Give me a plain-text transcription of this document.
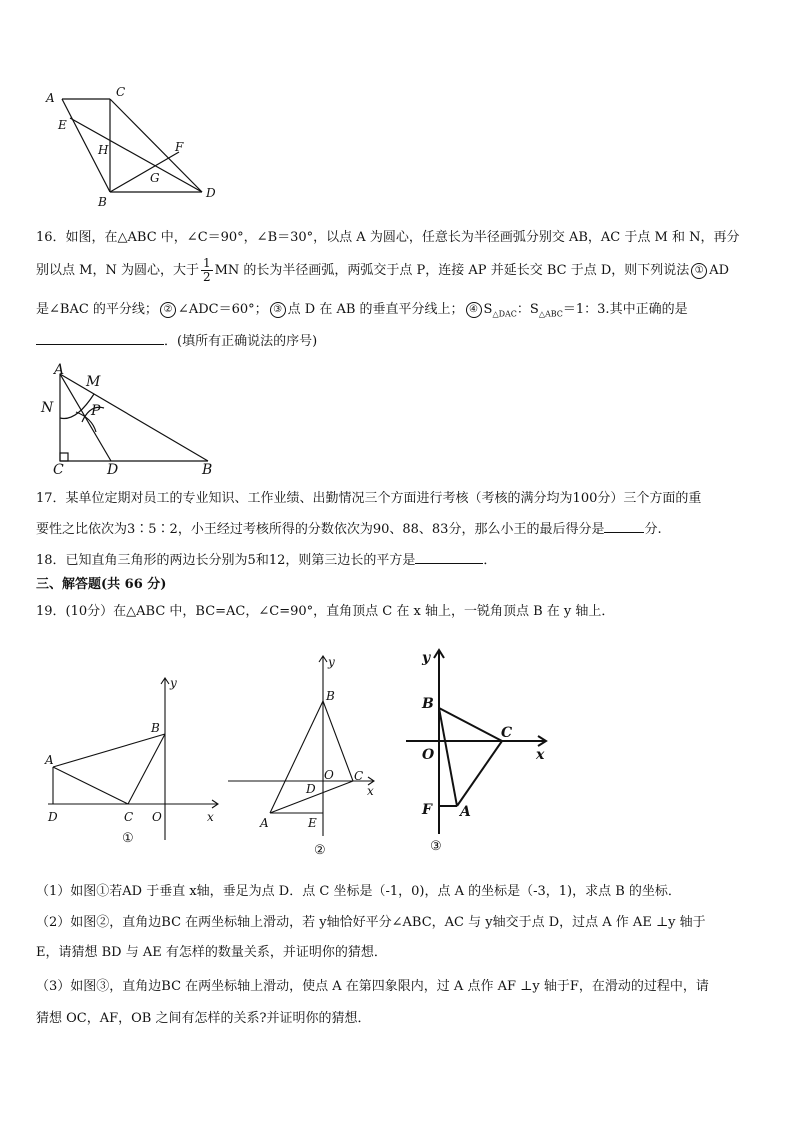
A	C
E
H	F
G
B
D
16．如图，在△ABC 中，∠C＝90°，∠B＝30°，以点 A 为圆心，任意长为半径画弧分别交 AB，AC 于点 M 和 N，再分
别以点 M，N 为圆心，大于 $\frac{1}{2}$ MN 的长为半径画弧，两弧交于点 P，连接 AP 并延长交 BC 于点 D，则下列说法 ① AD
是∠BAC 的平分线； ② ∠ADC＝60°； ③ 点 D 在 AB 的垂直平分线上； ④ $S_{\triangle DAC}$：$S_{\triangle ABC}=1$：3.其中正确的是
．(填所有正确说法的序号)
A
M
N	P
C	D	B
17．某单位定期对员工的专业知识、工作业绩、出勤情况三个方面进行考核（考核的满分均为100分）三个方面的重
要性之比依次为3∶5∶2，小王经过考核所得的分数依次为90、88、83分，那么小王的最后得分是	分.
18．已知直角三角形的两边长分别为5和12，则第三边长的平方是	．
三、解答题(共 66 分)
19．(10分）在△ABC 中，BC=AC，∠C=90°，直角顶点 C 在 x 轴上，一锐角顶点 B 在 y 轴上．
y
A
B
D	C O	x
①
y
B
O C
x
D
A	E
②
y
B
C
O	x
F A
③
（1）如图①若AD 于垂直 x轴，垂足为点 D．点 C 坐标是（-1，0)，点 A 的坐标是（-3，1)，求点 B 的坐标．
（2）如图②，直角边BC 在两坐标轴上滑动，若 y轴恰好平分∠ABC，AC 与 y轴交于点 D，过点 A 作 AE ⊥y 轴于
E，请猜想 BD 与 AE 有怎样的数量关系，并证明你的猜想．
（3）如图③，直角边BC 在两坐标轴上滑动，使点 A 在第四象限内，过 A 点作 AF ⊥y 轴于F，在滑动的过程中，请
猜想 OC，AF，OB 之间有怎样的关系?并证明你的猜想．
